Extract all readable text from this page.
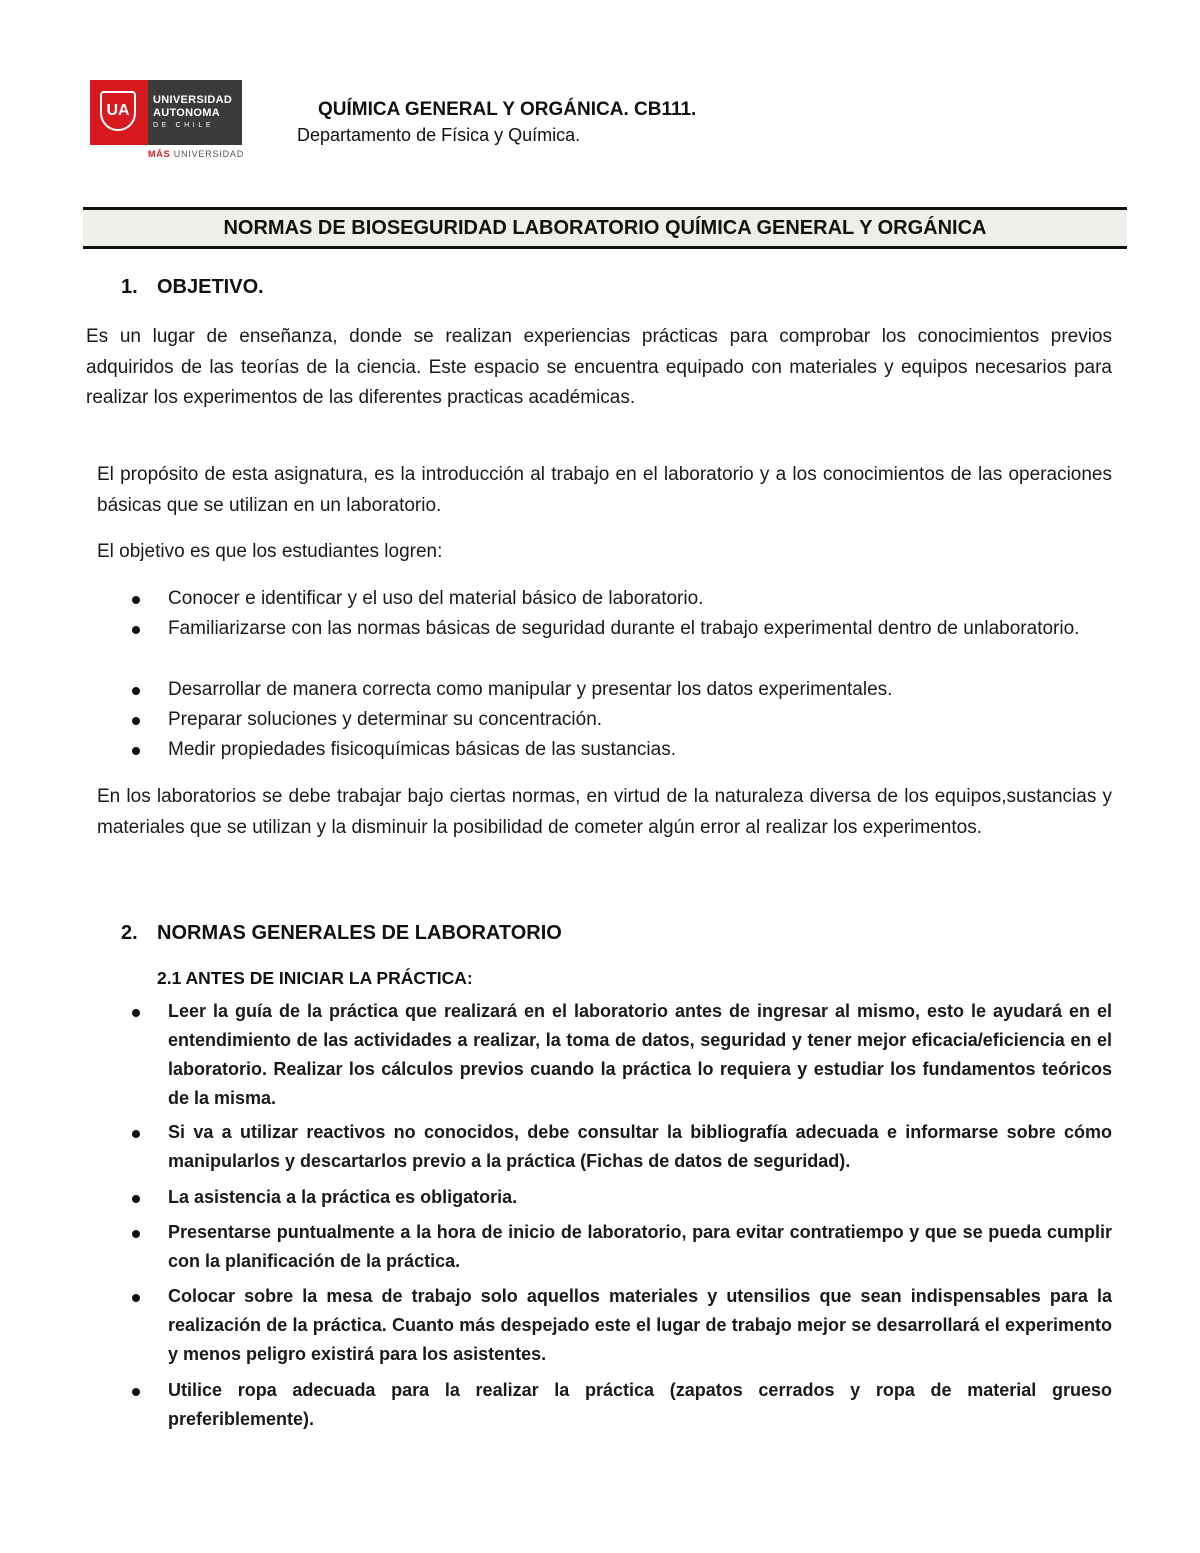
UA
UNIVERSIDAD
AUTONOMA
DE CHILE
MÁS UNIVERSIDAD
QUÍMICA GENERAL Y ORGÁNICA. CB111.
Departamento de Física y Química.
NORMAS DE BIOSEGURIDAD LABORATORIO QUÍMICA GENERAL Y ORGÁNICA
1. OBJETIVO.
Es un lugar de enseñanza, donde se realizan experiencias prácticas para comprobar los conocimientos previos adquiridos de las teorías de la ciencia. Este espacio se encuentra equipado con materiales y equipos necesarios para realizar los experimentos de las diferentes practicas académicas.
El propósito de esta asignatura, es la introducción al trabajo en el laboratorio y a los conocimientos de las operaciones básicas que se utilizan en un laboratorio.
El objetivo es que los estudiantes logren:
Conocer e identificar y el uso del material básico de laboratorio.
Familiarizarse con las normas básicas de seguridad durante el trabajo experimental dentro de unlaboratorio.
Desarrollar de manera correcta como manipular y presentar los datos experimentales.
Preparar soluciones y determinar su concentración.
Medir propiedades fisicoquímicas básicas de las sustancias.
En los laboratorios se debe trabajar bajo ciertas normas, en virtud de la naturaleza diversa de los equipos,sustancias y materiales que se utilizan y la disminuir la posibilidad de cometer algún error al realizar los experimentos.
2. NORMAS GENERALES DE LABORATORIO
2.1 ANTES DE INICIAR LA PRÁCTICA:
Leer la guía de la práctica que realizará en el laboratorio antes de ingresar al mismo, esto le ayudará en el entendimiento de las actividades a realizar, la toma de datos, seguridad y tener mejor eficacia/eficiencia en el laboratorio. Realizar los cálculos previos cuando la práctica lo requiera y estudiar los fundamentos teóricos de la misma.
Si va a utilizar reactivos no conocidos, debe consultar la bibliografía adecuada e informarse sobre cómo manipularlos y descartarlos previo a la práctica (Fichas de datos de seguridad).
La asistencia a la práctica es obligatoria.
Presentarse puntualmente a la hora de inicio de laboratorio, para evitar contratiempo y que se pueda cumplir con la planificación de la práctica.
Colocar sobre la mesa de trabajo solo aquellos materiales y utensilios que sean indispensables para la realización de la práctica. Cuanto más despejado este el lugar de trabajo mejor se desarrollará el experimento y menos peligro existirá para los asistentes.
Utilice ropa adecuada para la realizar la práctica (zapatos cerrados y ropa de material grueso preferiblemente).
